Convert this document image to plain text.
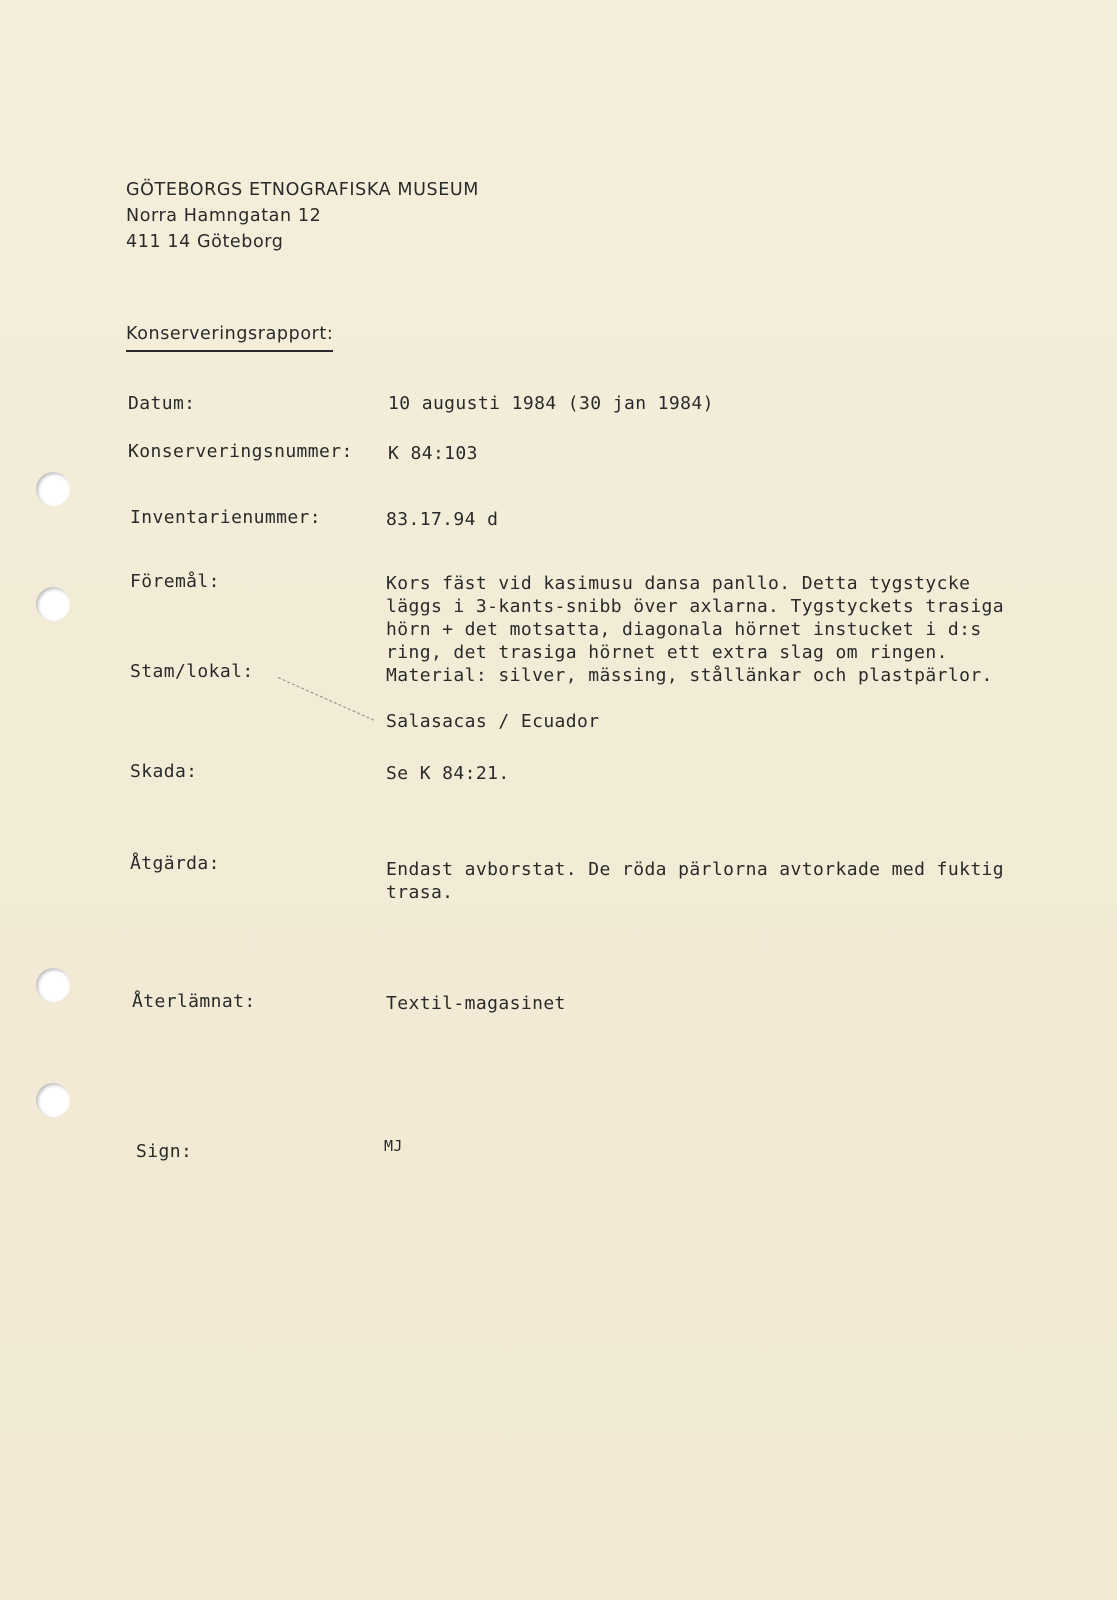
GÖTEBORGS ETNOGRAFISKA MUSEUM
Norra Hamngatan 12
411 14 Göteborg
Konserveringsrapport:
Datum:	10 augusti 1984 (30 jan 1984)
Konserveringsnummer: K 84:103
Inventarienummer:	83.17.94 d
Föremål:	Kors fäst vid kasimusu dansa panllo. Detta tygstycke
läggs i 3-kants-snibb över axlarna. Tygstyckets trasiga
hörn + det motsatta, diagonala hörnet instucket i d:s
ring, det trasiga hörnet ett extra slag om ringen.
Material: silver, mässing, stållänkar och plastpärlor.
Stam/lokal:
Salasacas / Ecuador
Skada:	Se K 84:21.
Åtgärda:	Endast avborstat. De röda pärlorna avtorkade med fuktig
trasa.
Återlämnat:	Textil-magasinet
Sign:	MJ
